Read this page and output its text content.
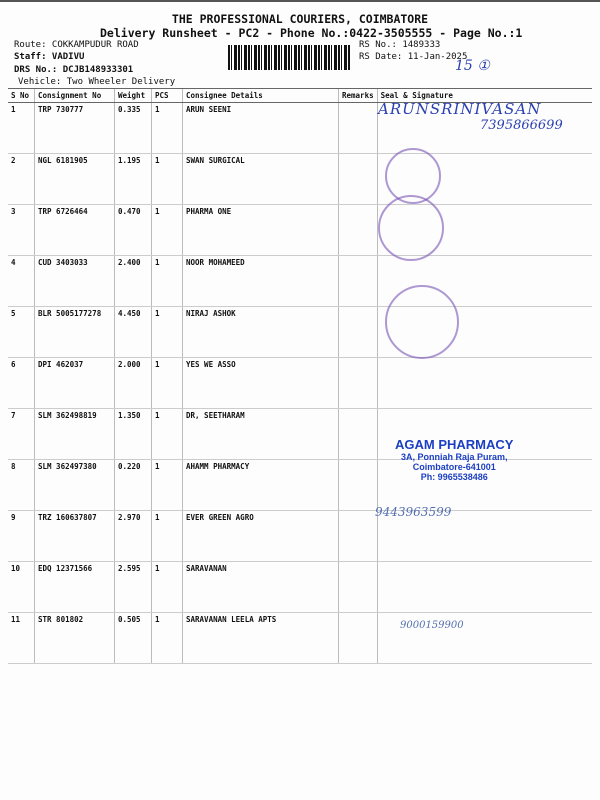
THE PROFESSIONAL COURIERS, COIMBATORE
Delivery Runsheet - PC2 - Phone No.:0422-3505555 - Page No.:1
Route: COKKAMPUDUR ROAD
Staff: VADIVU
DRS No.: DCJB148933301
Vehicle: Two Wheeler Delivery
RS No.: 1489333
RS Date: 11-Jan-2025
15 ①
S No	Consignment No	Weight	PCS	Consignee Details	Remarks	Seal & Signature
1	TRP 730777	0.335	1	ARUN SEENI		
2	NGL 6181905	1.195	1	SWAN SURGICAL		
3	TRP 6726464	0.470	1	PHARMA ONE		
4	CUD 3403033	2.400	1	NOOR MOHAMEED		
5	BLR 5005177278	4.450	1	NIRAJ ASHOK		
6	DPI 462037	2.000	1	YES WE ASSO		
7	SLM 362498819	1.350	1	DR, SEETHARAM		
8	SLM 362497380	0.220	1	AHAMM PHARMACY		
9	TRZ 160637807	2.970	1	EVER GREEN AGRO		
10	EDQ 12371566	2.595	1	SARAVANAN		
11	STR 801802	0.505	1	SARAVANAN LEELA APTS		
ARUNSRINIVASAN
7395866699
9443963599
9000159900
AGAM PHARMACY
3A, Ponniah Raja Puram,
Coimbatore-641001
Ph: 9965538486
